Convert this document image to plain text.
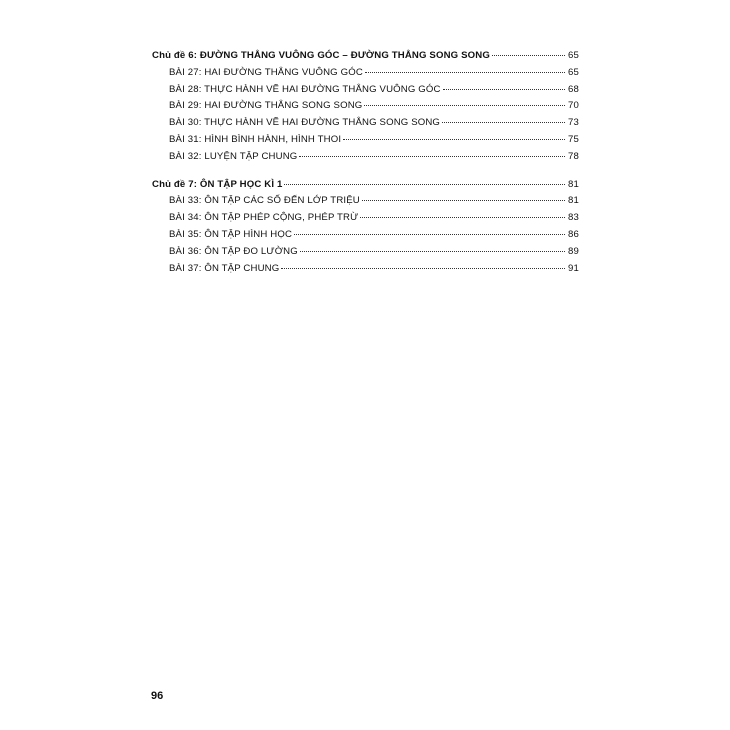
Chủ đề 6: ĐƯỜNG THẲNG VUÔNG GÓC – ĐƯỜNG THẲNG SONG SONG	65
BÀI 27: HAI ĐƯỜNG THẲNG VUÔNG GÓC	65
BÀI 28: THỰC HÀNH VẼ HAI ĐƯỜNG THẲNG VUÔNG GÓC	68
BÀI 29: HAI ĐƯỜNG THẲNG SONG SONG	70
BÀI 30: THỰC HÀNH VẼ HAI ĐƯỜNG THẲNG SONG SONG	73
BÀI 31: HÌNH BÌNH HÀNH, HÌNH THOI	75
BÀI 32: LUYỆN TẬP CHUNG	78
Chủ đề 7: ÔN TẬP HỌC KÌ 1	81
BÀI 33: ÔN TẬP CÁC SỐ ĐẾN LỚP TRIỆU	81
BÀI 34: ÔN TẬP PHÉP CỘNG, PHÉP TRỪ	83
BÀI 35: ÔN TẬP HÌNH HỌC	86
BÀI 36: ÔN TẬP ĐO LƯỜNG	89
BÀI 37: ÔN TẬP CHUNG	91
96
